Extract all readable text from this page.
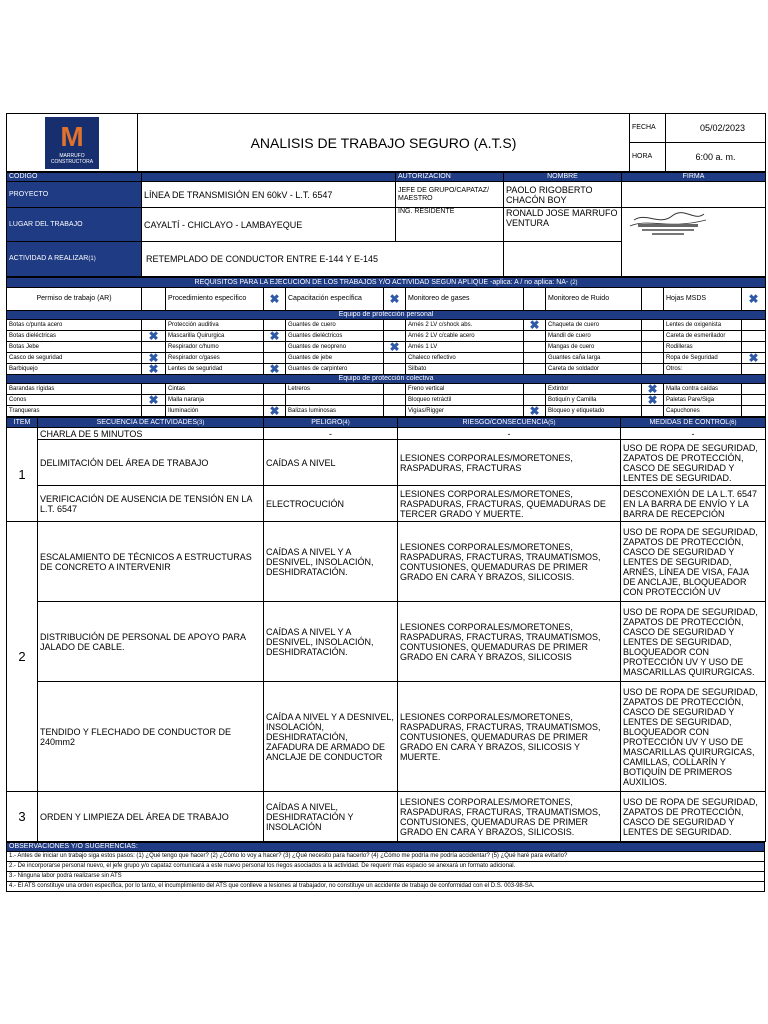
M
MARRUFO
CONSTRUCTORA	ANALISIS DE TRABAJO SEGURO (A.T.S)	FECHA	05/02/2023
		HORA	6:00 a. m.
CÓDIGO		AUTORIZACION	NOMBRE	FIRMA
PROYECTO	LÍNEA DE TRANSMISIÓN EN 60kV - L.T. 6547	JEFE DE GRUPO/CAPATAZ/ MAESTRO	PAOLO RIGOBERTO CHACÓN BOY	
LUGAR DEL TRABAJO	CAYALTÍ - CHICLAYO - LAMBAYEQUE	ING. RESIDENTE	RONALD JOSE MARRUFO VENTURA	
ACTIVIDAD A REALIZAR(1)	RETEMPLADO DE CONDUCTOR ENTRE E-144 Y E-145			
REQUISITOS PARA LA EJECUCIÓN DE LOS TRABAJOS Y/O ACTIVIDAD SEGÚN APLIQUE -aplica: A / no aplica: NA- (2)											
Permiso de trabajo (AR)		Procedimiento específico	✖	Capacitación específica	✖	Monitoreo de gases		Monitoreo de Ruido		Hojas MSDS	✖
Equipo de protección personal											
Botas c/punta acero		Protección auditiva		Guantes de cuero		Arnés 2 LV c/shock abs.	✖	Chaqueta de cuero		Lentes de oxigenista	
Botas dieléctricas	✖	Mascarilla Quirurgica	✖	Guantes dieléctricos		Arnés 2 LV c/cable acero		Mandil de cuero		Careta de esmerilador	
Botas Jebe		Respirador c/humo		Guantes de neopreno	✖	Arnés 1 LV		Mangas de cuero		Rodilleras	
Casco de seguridad	✖	Respirador c/gases		Guantes de jebe		Chaleco reflectivo		Guantes caña larga		Ropa de Seguridad	✖
Barbiquejo	✖	Lentes de seguridad	✖	Guantes de carpintero		Silbato		Careta de soldador		Otros:	
Equipo de protección colectiva											
Barandas rígidas		Cintas		Letreros		Freno vertical		Extintor	✖	Malla contra caídas	
Conos	✖	Malla naranja				Bloqueo retráctil		Botiquín y Camilla	✖	Paletas Pare/Siga	
Tranqueras		Iluminación	✖	Balizas luminosas		Vigías/Rigger	✖	Bloqueo y etiquetado		Capuchones	
ITEM	SECUENCIA DE ACTIVIDADES(3)	PELIGRO(4)	RIESGO/CONSECUENCIA(5)	MEDIDAS DE CONTROL(6)
1	CHARLA DE 5 MINUTOS	-	-	-
	DELIMITACIÓN DEL ÁREA DE TRABAJO	CAÍDAS A NIVEL	LESIONES CORPORALES/MORETONES, RASPADURAS, FRACTURAS	USO DE ROPA DE SEGURIDAD, ZAPATOS DE PROTECCIÓN, CASCO DE SEGURIDAD Y LENTES DE SEGURIDAD.
	VERIFICACIÓN DE AUSENCIA DE TENSIÓN EN LA L.T. 6547	ELECTROCUCIÓN	LESIONES CORPORALES/MORETONES, RASPADURAS, FRACTURAS, QUEMADURAS DE TERCER GRADO Y MUERTE.	DESCONEXIÓN DE LA L.T. 6547 EN LA BARRA DE ENVÍO Y LA BARRA DE RECEPCIÓN
2	ESCALAMIENTO DE TÉCNICOS A ESTRUCTURAS DE CONCRETO A INTERVENIR	CAÍDAS A NIVEL Y A DESNIVEL, INSOLACIÓN, DESHIDRATACIÓN.	LESIONES CORPORALES/MORETONES, RASPADURAS, FRACTURAS, TRAUMATISMOS, CONTUSIONES, QUEMADURAS DE PRIMER GRADO EN CARA Y BRAZOS, SILICOSIS.	USO DE ROPA DE SEGURIDAD, ZAPATOS DE PROTECCIÓN, CASCO DE SEGURIDAD Y LENTES DE SEGURIDAD, ARNÉS, LÍNEA DE VISA, FAJA DE ANCLAJE, BLOQUEADOR CON PROTECCIÓN UV
	DISTRIBUCIÓN DE PERSONAL DE APOYO PARA JALADO DE CABLE.	CAÍDAS A NIVEL Y A DESNIVEL, INSOLACIÓN, DESHIDRATACIÓN.	LESIONES CORPORALES/MORETONES, RASPADURAS, FRACTURAS, TRAUMATISMOS, CONTUSIONES, QUEMADURAS DE PRIMER GRADO EN CARA Y BRAZOS, SILICOSIS	USO DE ROPA DE SEGURIDAD, ZAPATOS DE PROTECCIÓN, CASCO DE SEGURIDAD Y LENTES DE SEGURIDAD, BLOQUEADOR CON PROTECCIÓN UV Y USO DE MASCARILLAS QUIRURGICAS.
	TENDIDO Y FLECHADO DE CONDUCTOR DE 240mm2	CAÍDA A NIVEL Y A DESNIVEL, INSOLACIÓN, DESHIDRATACIÓN, ZAFADURA DE ARMADO DE ANCLAJE DE CONDUCTOR	LESIONES CORPORALES/MORETONES, RASPADURAS, FRACTURAS, TRAUMATISMOS, CONTUSIONES, QUEMADURAS DE PRIMER GRADO EN CARA Y BRAZOS, SILICOSIS Y MUERTE.	USO DE ROPA DE SEGURIDAD, ZAPATOS DE PROTECCIÓN, CASCO DE SEGURIDAD Y LENTES DE SEGURIDAD, BLOQUEADOR CON PROTECCIÓN UV Y USO DE MASCARILLAS QUIRURGICAS, CAMILLAS, COLLARÍN Y BOTIQUÍN DE PRIMEROS AUXILIOS.
3	ORDEN Y LIMPIEZA DEL ÁREA DE TRABAJO	CAÍDAS A NIVEL, DESHIDRATACIÓN Y INSOLACIÓN	LESIONES CORPORALES/MORETONES, RASPADURAS, FRACTURAS, TRAUMATISMOS, CONTUSIONES, QUEMADURAS DE PRIMER GRADO EN CARA Y BRAZOS, SILICOSIS.	USO DE ROPA DE SEGURIDAD, ZAPATOS DE PROTECCIÓN, CASCO DE SEGURIDAD Y LENTES DE SEGURIDAD.
OBSERVACIONES Y/O SUGERENCIAS:
1.- Antes de iniciar un trabajo siga estos pasos: (1) ¿Qué tengo que hacer? (2) ¿Cómo lo voy a hacer? (3) ¿Qué necesito para hacerlo? (4) ¿Cómo me podría me podría accidentar? (5) ¿Qué haré para evitarlo?
2.- De incorporarse personal nuevo, el jefe grupo y/o capataz comunicará a este nuevo personal los riegos asociados a la actividad. De requerir más espacio se anexará un formato adicional.
3.- Ninguna labor podrá realizarse sin ATS
4.- El ATS constituye una orden específica, por lo tanto, el incumplimiento del ATS que conlleve a lesiones al trabajador, no constituye un accidente de trabajo de conformidad con el D.S. 003-98-SA.
